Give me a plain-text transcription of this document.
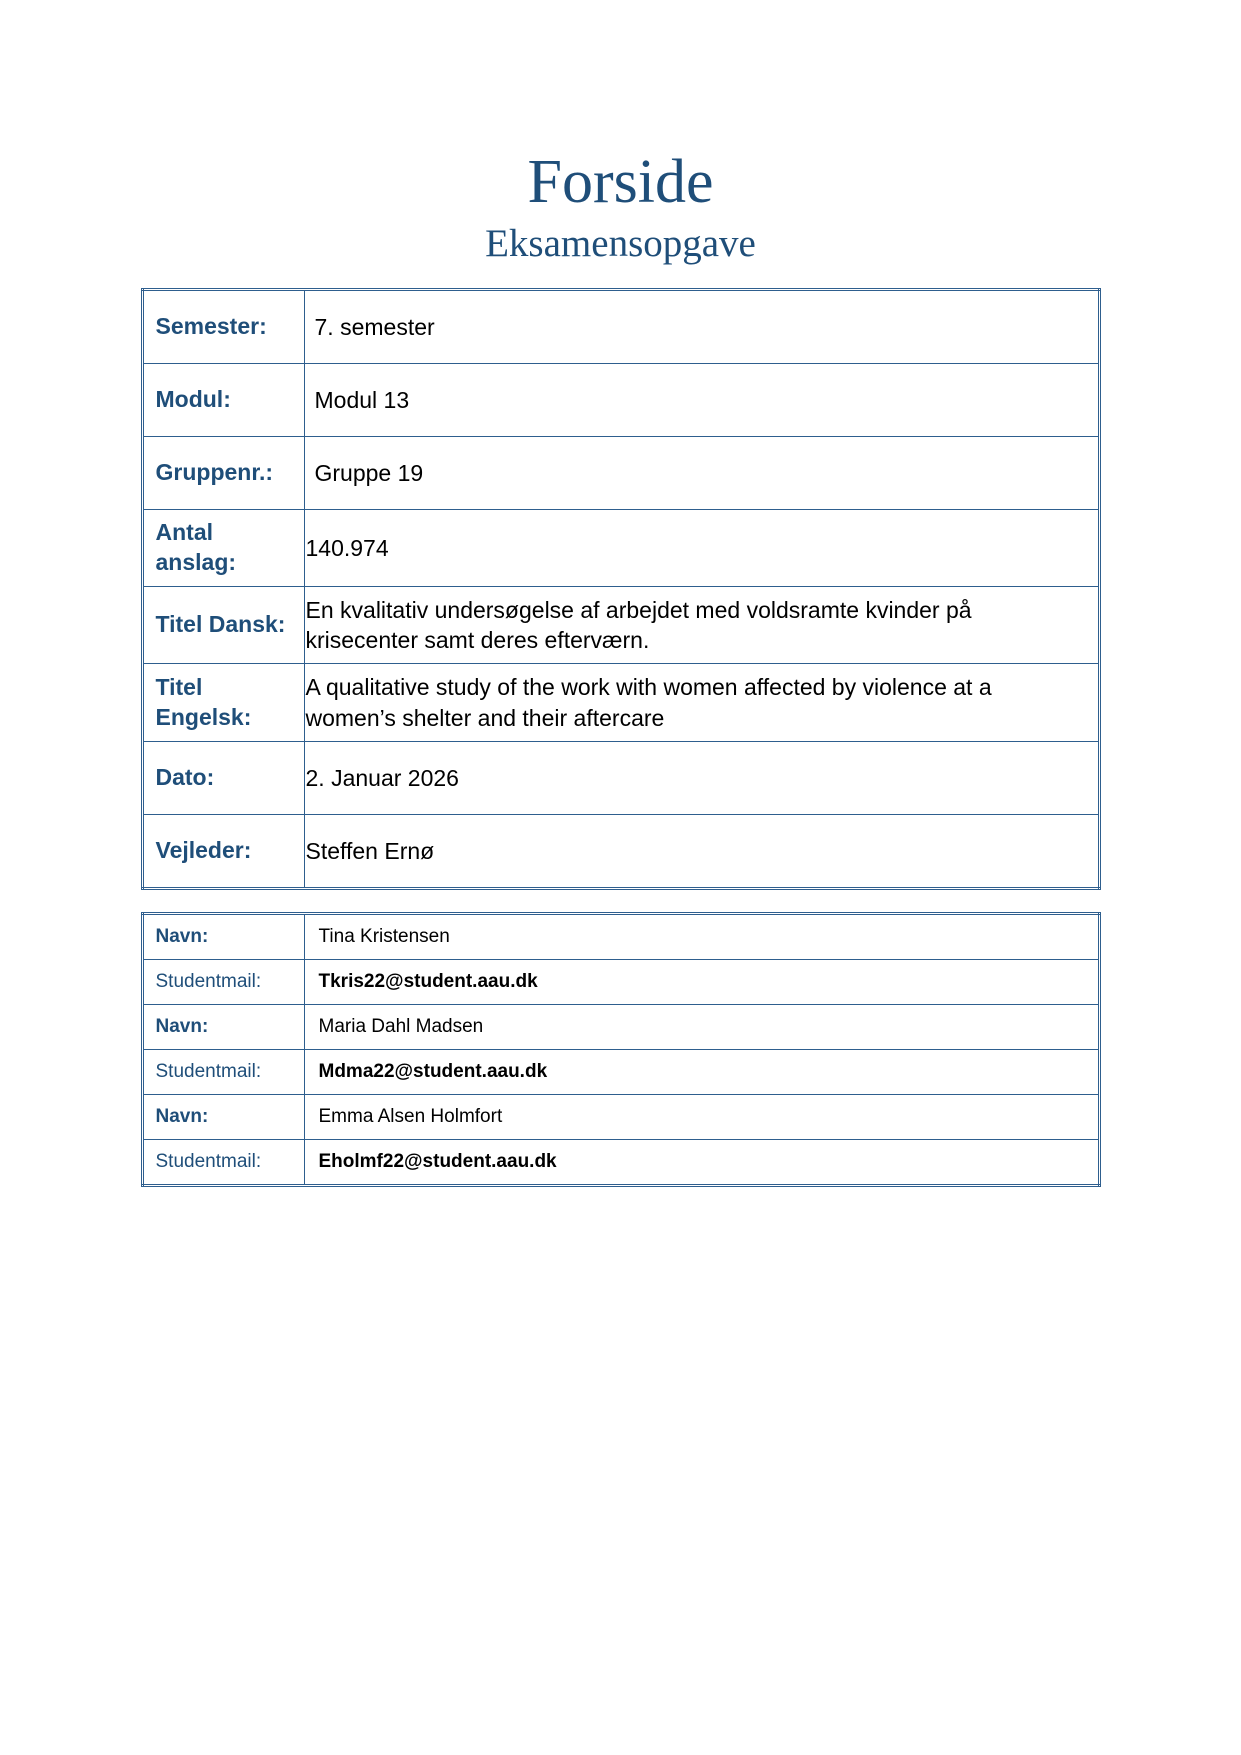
Forside
Eksamensopgave
Semester:	7. semester
Modul:	Modul 13
Gruppenr.:	Gruppe 19
Antal anslag:	140.974
Titel Dansk:	En kvalitativ undersøgelse af arbejdet med voldsramte kvinder på krisecenter samt deres efterværn.
Titel Engelsk:	A qualitative study of the work with women affected by violence at a women’s shelter and their aftercare
Dato:	2. Januar 2026
Vejleder:	Steffen Ernø
Navn:	Tina Kristensen
Studentmail:	Tkris22@student.aau.dk
Navn:	Maria Dahl Madsen
Studentmail:	Mdma22@student.aau.dk
Navn:	Emma Alsen Holmfort
Studentmail:	Eholmf22@student.aau.dk
